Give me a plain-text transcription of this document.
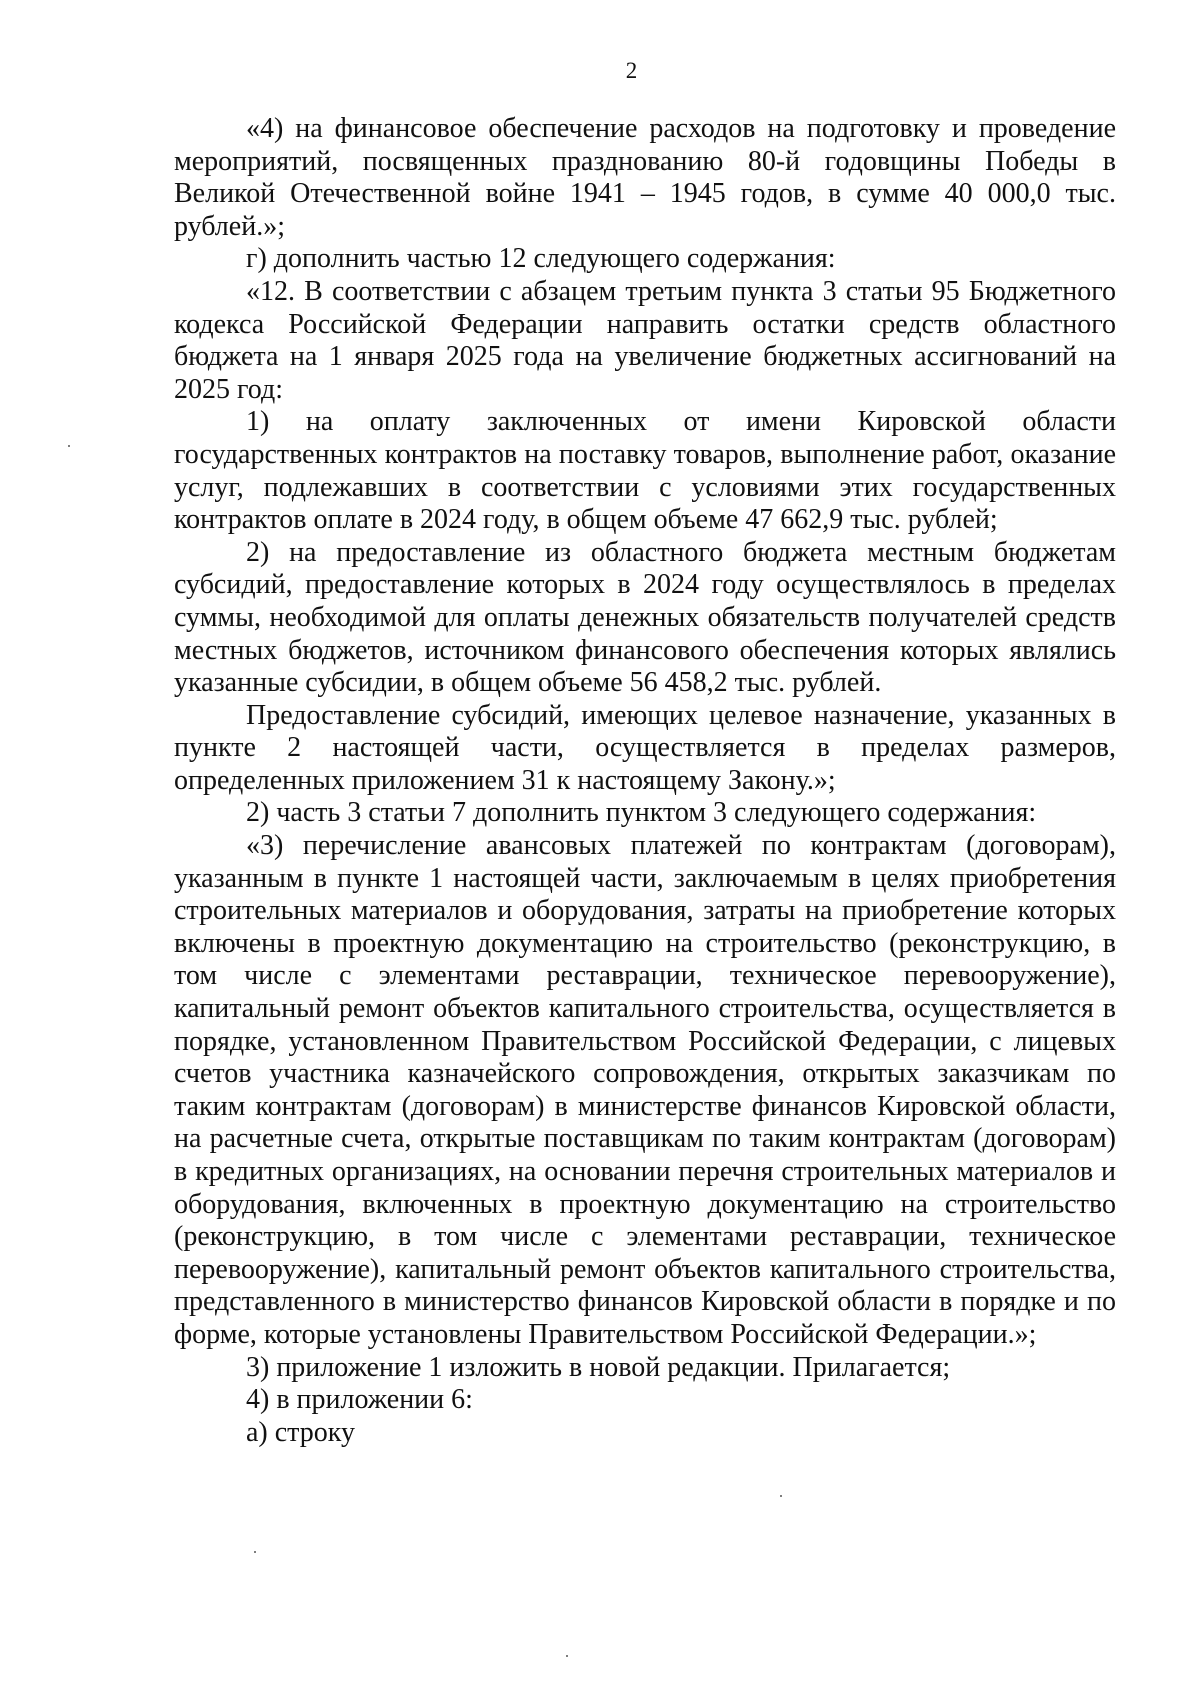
2

«4) на финансовое обеспечение расходов на подготовку и проведение мероприятий, посвященных празднованию 80-й годовщины Победы в Великой Отечественной войне 1941 – 1945 годов, в сумме 40 000,0 тыс. рублей.»;

г) дополнить частью 12 следующего содержания:

«12. В соответствии с абзацем третьим пункта 3 статьи 95 Бюджетного кодекса Российской Федерации направить остатки средств областного бюджета на 1 января 2025 года на увеличение бюджетных ассигнований на 2025 год:

1) на оплату заключенных от имени Кировской области государственных контрактов на поставку товаров, выполнение работ, оказание услуг, подлежавших в соответствии с условиями этих государственных контрактов оплате в 2024 году, в общем объеме 47 662,9 тыс. рублей;

2) на предоставление из областного бюджета местным бюджетам субсидий, предоставление которых в 2024 году осуществлялось в пределах суммы, необходимой для оплаты денежных обязательств получателей средств местных бюджетов, источником финансового обеспечения которых являлись указанные субсидии, в общем объеме 56 458,2 тыс. рублей.

Предоставление субсидий, имеющих целевое назначение, указанных в пункте 2 настоящей части, осуществляется в пределах размеров, определенных приложением 31 к настоящему Закону.»;

2) часть 3 статьи 7 дополнить пунктом 3 следующего содержания:

«3) перечисление авансовых платежей по контрактам (договорам), указанным в пункте 1 настоящей части, заключаемым в целях приобретения строительных материалов и оборудования, затраты на приобретение которых включены в проектную документацию на строительство (реконструкцию, в том числе с элементами реставрации, техническое перевооружение), капитальный ремонт объектов капитального строительства, осуществляется в порядке, установленном Правительством Российской Федерации, с лицевых счетов участника казначейского сопровождения, открытых заказчикам по таким контрактам (договорам) в министерстве финансов Кировской области, на расчетные счета, открытые поставщикам по таким контрактам (договорам) в кредитных организациях, на основании перечня строительных материалов и оборудования, включенных в проектную документацию на строительство (реконструкцию, в том числе с элементами реставрации, техническое перевооружение), капитальный ремонт объектов капитального строительства, представленного в министерство финансов Кировской области в порядке и по форме, которые установлены Правительством Российской Федерации.»;

3) приложение 1 изложить в новой редакции. Прилагается;

4) в приложении 6:

а) строку
